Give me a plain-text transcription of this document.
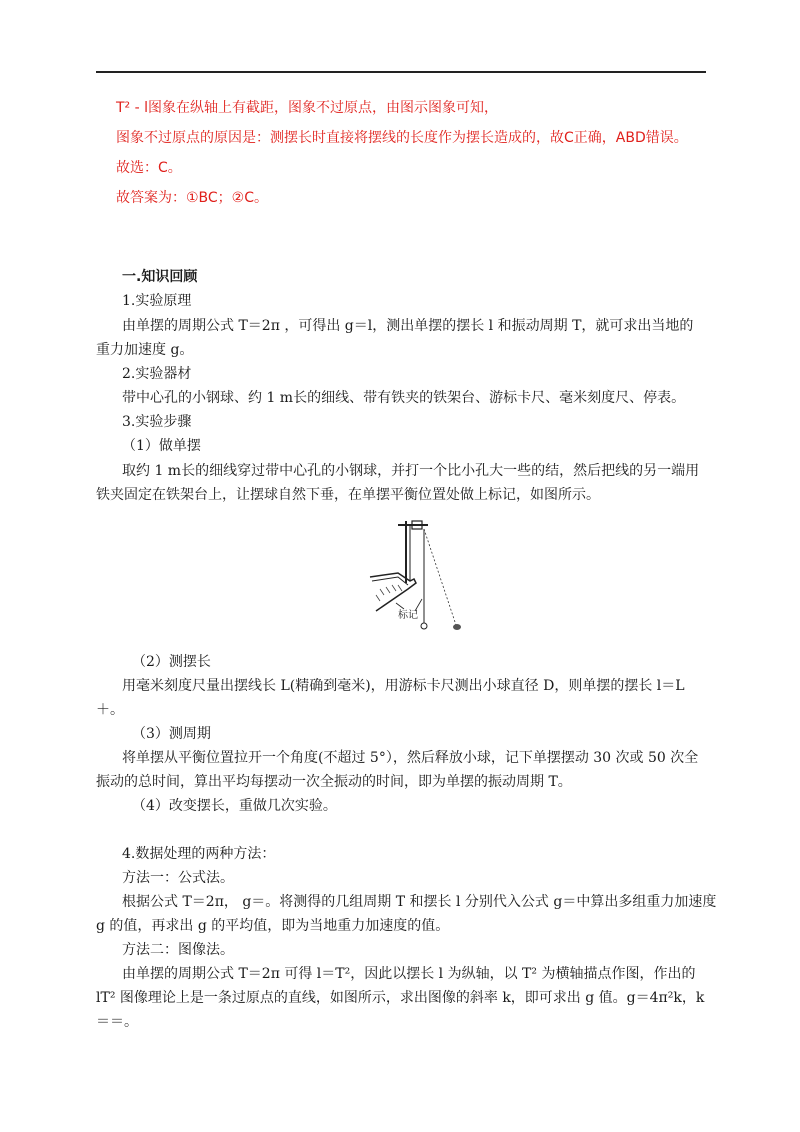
T² - l图象在纵轴上有截距，图象不过原点，由图示图象可知，
图象不过原点的原因是：测摆长时直接将摆线的长度作为摆长造成的，故C正确，ABD错误。
故选：C。
故答案为：①BC；②C。
一.知识回顾
1.实验原理
由单摆的周期公式 T＝2π ，可得出 g＝l，测出单摆的摆长 l 和振动周期 T，就可求出当地的
重力加速度 g。
2.实验器材
带中心孔的小钢球、约 1 m长的细线、带有铁夹的铁架台、游标卡尺、毫米刻度尺、停表。
3.实验步骤
（1）做单摆
取约 1 m长的细线穿过带中心孔的小钢球，并打一个比小孔大一些的结，然后把线的另一端用
铁夹固定在铁架台上，让摆球自然下垂，在单摆平衡位置处做上标记，如图所示。
标记
（2）测摆长
用毫米刻度尺量出摆线长 L(精确到毫米)，用游标卡尺测出小球直径 D，则单摆的摆长 l＝L
＋。
（3）测周期
将单摆从平衡位置拉开一个角度(不超过 5°），然后释放小球，记下单摆摆动 30 次或 50 次全
振动的总时间，算出平均每摆动一次全振动的时间，即为单摆的振动周期 T。
（4）改变摆长，重做几次实验。
4.数据处理的两种方法：
方法一：公式法。
根据公式 T＝2π， g＝。将测得的几组周期 T 和摆长 l 分别代入公式 g＝中算出多组重力加速度
g 的值，再求出 g 的平均值，即为当地重力加速度的值。
方法二：图像法。
由单摆的周期公式 T＝2π 可得 l＝T²，因此以摆长 l 为纵轴，以 T² 为横轴描点作图，作出的
lT² 图像理论上是一条过原点的直线，如图所示，求出图像的斜率 k，即可求出 g 值。g＝4π²k，k
＝＝。
